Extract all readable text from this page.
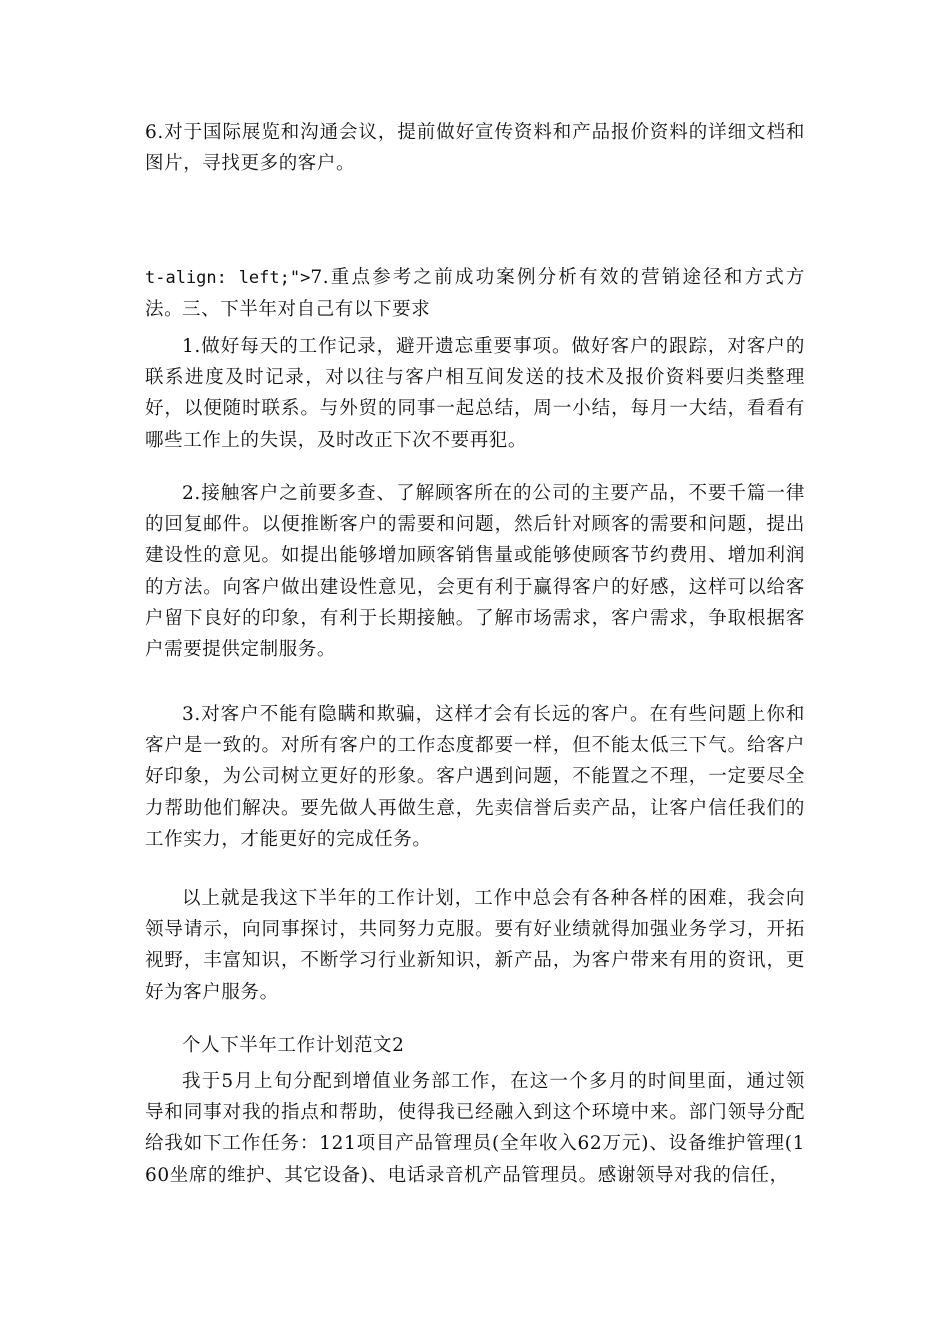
6.对于国际展览和沟通会议，提前做好宣传资料和产品报价资料的详细文档和图片，寻找更多的客户。

t-align: left;">7.重点参考之前成功案例分析有效的营销途径和方式方法。

三、下半年对自己有以下要求

1.做好每天的工作记录，避开遗忘重要事项。做好客户的跟踪，对客户的联系进度及时记录，对以往与客户相互间发送的技术及报价资料要归类整理好，以便随时联系。与外贸的同事一起总结，周一小结，每月一大结，看看有哪些工作上的失误，及时改正下次不要再犯。

2.接触客户之前要多查、了解顾客所在的公司的主要产品，不要千篇一律的回复邮件。以便推断客户的需要和问题，然后针对顾客的需要和问题，提出建设性的意见。如提出能够增加顾客销售量或能够使顾客节约费用、增加利润的方法。向客户做出建设性意见，会更有利于赢得客户的好感，这样可以给客户留下良好的印象，有利于长期接触。了解市场需求，客户需求，争取根据客户需要提供定制服务。

3.对客户不能有隐瞒和欺骗，这样才会有长远的客户。在有些问题上你和客户是一致的。对所有客户的工作态度都要一样，但不能太低三下气。给客户好印象，为公司树立更好的形象。客户遇到问题，不能置之不理，一定要尽全力帮助他们解决。要先做人再做生意，先卖信誉后卖产品，让客户信任我们的工作实力，才能更好的完成任务。

以上就是我这下半年的工作计划，工作中总会有各种各样的困难，我会向领导请示，向同事探讨，共同努力克服。要有好业绩就得加强业务学习，开拓视野，丰富知识，不断学习行业新知识，新产品，为客户带来有用的资讯，更好为客户服务。

个人下半年工作计划范文2

我于5月上旬分配到增值业务部工作，在这一个多月的时间里面，通过领导和同事对我的指点和帮助，使得我已经融入到这个环境中来。部门领导分配给我如下工作任务：121项目产品管理员(全年收入62万元)、设备维护管理(160坐席的维护、其它设备)、电话录音机产品管理员。感谢领导对我的信任，
